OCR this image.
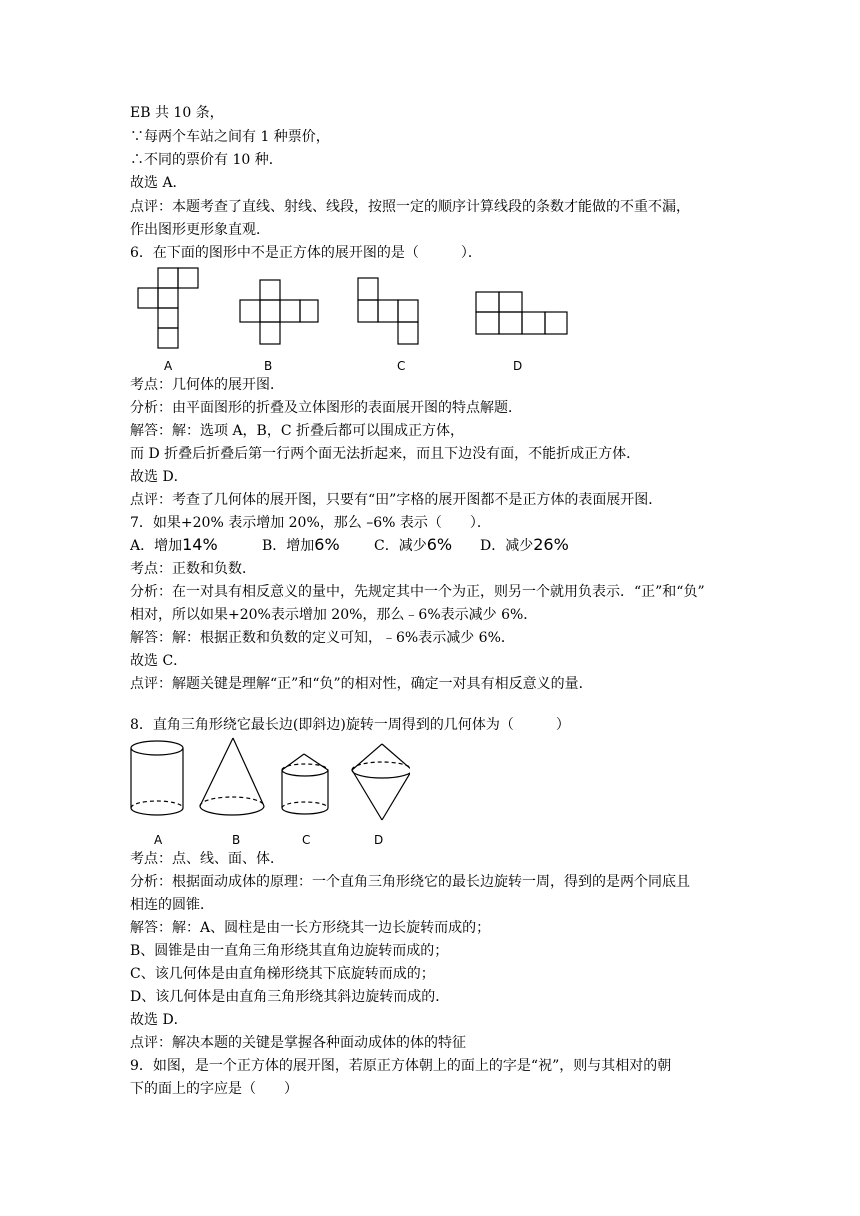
EB 共 10 条，
∵每两个车站之间有 1 种票价，
∴不同的票价有 10 种．
故选 A．
点评：本题考查了直线、射线、线段，按照一定的顺序计算线段的条数才能做的不重不漏，
作出图形更形象直观．
6．在下面的图形中不是正方体的展开图的是（　　　）．
A	B	C	D
考点：几何体的展开图．
分析：由平面图形的折叠及立体图形的表面展开图的特点解题．
解答：解：选项 A，B，C 折叠后都可以围成正方体，
而 D 折叠后折叠后第一行两个面无法折起来，而且下边没有面，不能折成正方体．
故选 D．
点评：考查了几何体的展开图，只要有“田”字格的展开图都不是正方体的表面展开图．
7．如果+20% 表示增加 20%，那么 –6% 表示（　　）．
A．增加14%	B．增加6% C．减少6% D．减少26%
考点：正数和负数．
分析：在一对具有相反意义的量中，先规定其中一个为正，则另一个就用负表示．“正”和“负”
相对，所以如果+20%表示增加 20%，那么﹣6%表示减少 6%．
解答：解：根据正数和负数的定义可知，﹣6%表示减少 6%．
故选 C．
点评：解题关键是理解“正”和“负”的相对性，确定一对具有相反意义的量．
8．直角三角形绕它最长边(即斜边)旋转一周得到的几何体为（　　　）
A	B	C	D
考点：点、线、面、体．
分析：根据面动成体的原理：一个直角三角形绕它的最长边旋转一周，得到的是两个同底且
相连的圆锥．
解答：解：A、圆柱是由一长方形绕其一边长旋转而成的；
B、圆锥是由一直角三角形绕其直角边旋转而成的；
C、该几何体是由直角梯形绕其下底旋转而成的；
D、该几何体是由直角三角形绕其斜边旋转而成的．
故选 D．
点评：解决本题的关键是掌握各种面动成体的体的特征
9．如图，是一个正方体的展开图，若原正方体朝上的面上的字是“祝”，则与其相对的朝
下的面上的字应是（　　）
